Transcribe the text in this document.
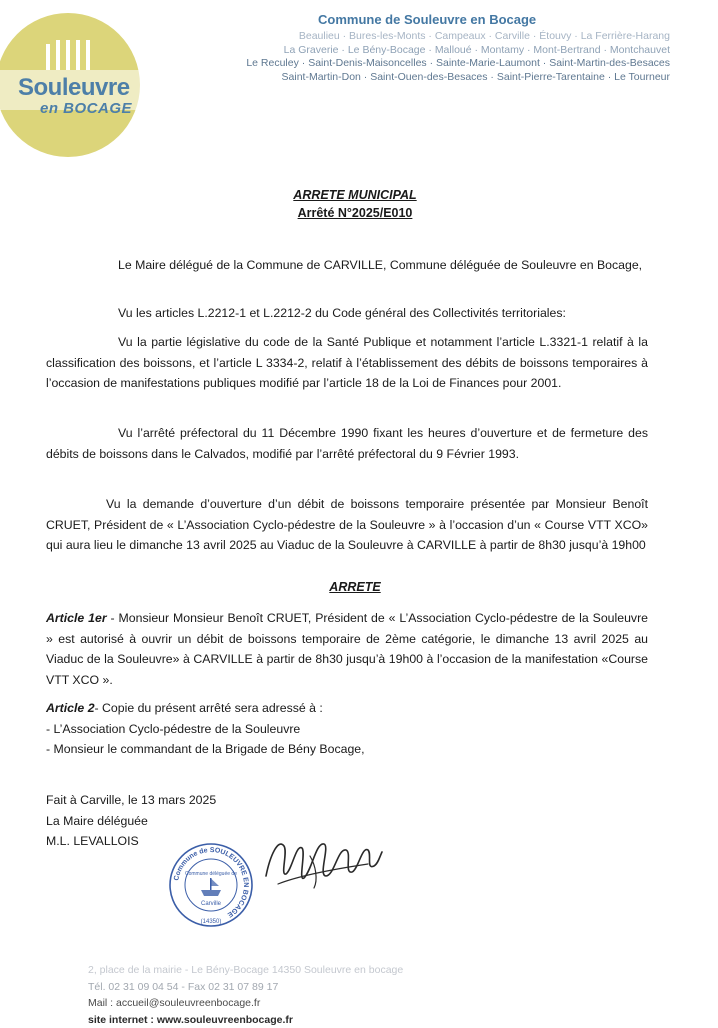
Souleuvre
en BOCAGE
Commune de Souleuvre en Bocage
Beaulieu · Bures-les-Monts · Campeaux · Carville · Étouvy · La Ferrière-Harang
La Graverie · Le Bény-Bocage · Malloué · Montamy · Mont-Bertrand · Montchauvet
Le Reculey · Saint-Denis-Maisoncelles · Sainte-Marie-Laumont · Saint-Martin-des-Besaces
Saint-Martin-Don · Saint-Ouen-des-Besaces · Saint-Pierre-Tarentaine · Le Tourneur
ARRETE MUNICIPAL
Arrêté N°2025/E010
Le Maire délégué de la Commune de CARVILLE, Commune déléguée de Souleuvre en Bocage,
Vu les articles L.2212-1 et L.2212-2 du Code général des Collectivités territoriales:
Vu la partie législative du code de la Santé Publique et notamment l’article L.3321-1 relatif à la classification des boissons, et l’article L 3334-2, relatif à l’établissement des débits de boissons temporaires à l’occasion de manifestations publiques modifié par l’article 18 de la Loi de Finances pour 2001.
Vu l’arrêté préfectoral du 11 Décembre 1990 fixant les heures d’ouverture et de fermeture des débits de boissons dans le Calvados, modifié par l’arrêté préfectoral du 9 Février 1993.
Vu la demande d’ouverture d’un débit de boissons temporaire présentée par Monsieur Benoît CRUET, Président de « L’Association Cyclo-pédestre de la Souleuvre » à l’occasion d’un « Course VTT XCO» qui aura lieu le dimanche 13 avril 2025 au Viaduc de la Souleuvre à CARVILLE à partir de 8h30 jusqu’à 19h00
ARRETE
Article 1er - Monsieur Monsieur Benoît CRUET, Président de « L’Association Cyclo-pédestre de la Souleuvre » est autorisé à ouvrir un débit de boissons temporaire de 2ème catégorie, le dimanche 13 avril 2025 au Viaduc de la Souleuvre» à CARVILLE à partir de 8h30 jusqu’à 19h00 à l’occasion de la manifestation «Course VTT XCO ».
Article 2- Copie du présent arrêté sera adressé à :
- L’Association Cyclo-pédestre de la Souleuvre
- Monsieur le commandant de la Brigade de Bény Bocage,
Fait à Carville, le 13 mars 2025
La Maire déléguée
M.L. LEVALLOIS
Commune de SOULEUVRE EN BOCAGE
Commune déléguée de
Carville
(14350)
2, place de la mairie - Le Bény-Bocage 14350 Souleuvre en bocage
Tél. 02 31 09 04 54 - Fax 02 31 07 89 17
Mail : accueil@souleuvreenbocage.fr
site internet : www.souleuvreenbocage.fr
